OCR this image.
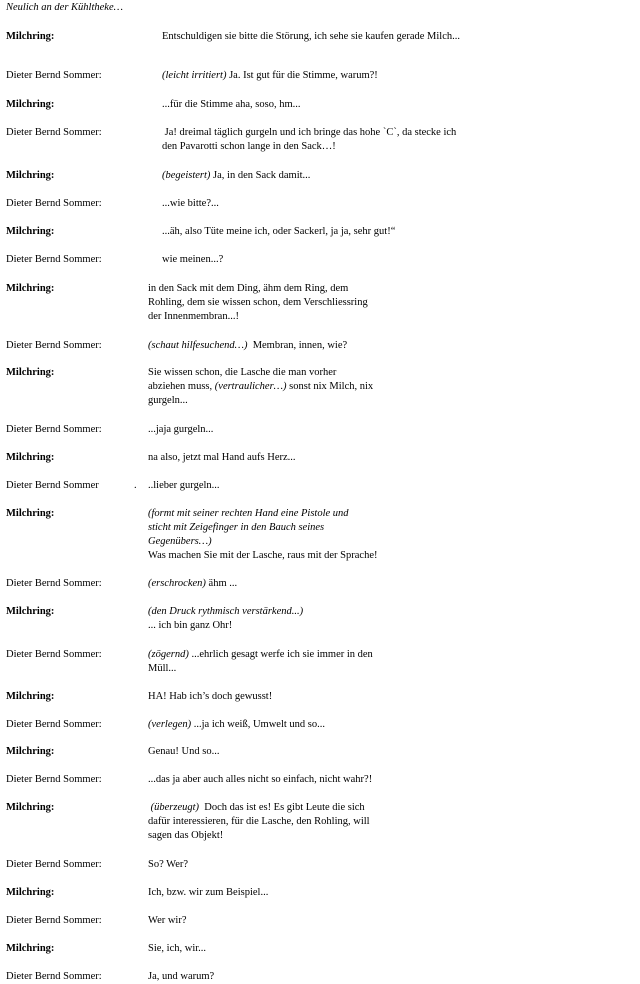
Neulich an der Kühltheke…
Milchring:	Entschuldigen sie bitte die Störung, ich sehe sie kaufen gerade Milch...
Dieter Bernd Sommer:	(leicht irritiert) Ja. Ist gut für die Stimme, warum?!
Milchring:	...für die Stimme aha, soso, hm...
Dieter Bernd Sommer:	Ja! dreimal täglich gurgeln und ich bringe das hohe `C`, da stecke ich
den Pavarotti schon lange in den Sack…!
Milchring:	(begeistert) Ja, in den Sack damit...
Dieter Bernd Sommer:	...wie bitte?...
Milchring:	...äh, also Tüte meine ich, oder Sackerl, ja ja, sehr gut!“
Dieter Bernd Sommer:	wie meinen...?
Milchring:	in den Sack mit dem Ding, ähm dem Ring, dem
Rohling, dem sie wissen schon, dem Verschliessring
der Innenmembran...!
Dieter Bernd Sommer:	(schaut hilfesuchend…)  Membran, innen, wie?
Milchring:	Sie wissen schon, die Lasche die man vorher
abziehen muss, (vertraulicher…) sonst nix Milch, nix
gurgeln...
Dieter Bernd Sommer:	...jaja gurgeln...
Milchring:	na also, jetzt mal Hand aufs Herz...
Dieter Bernd Sommer	. ..lieber gurgeln...
Milchring:	(formt mit seiner rechten Hand eine Pistole und
sticht mit Zeigefinger in den Bauch seines
Gegenübers…)
Was machen Sie mit der Lasche, raus mit der Sprache!
Dieter Bernd Sommer:	(erschrocken) ähm ...
Milchring:	(den Druck rythmisch verstärkend...)
... ich bin ganz Ohr!
Dieter Bernd Sommer:	(zögernd) ...ehrlich gesagt werfe ich sie immer in den
Müll...
Milchring:	HA! Hab ich’s doch gewusst!
Dieter Bernd Sommer:	(verlegen) ...ja ich weiß, Umwelt und so...
Milchring:	Genau! Und so...
Dieter Bernd Sommer:	...das ja aber auch alles nicht so einfach, nicht wahr?!
Milchring:	(überzeugt)  Doch das ist es! Es gibt Leute die sich
dafür interessieren, für die Lasche, den Rohling, will
sagen das Objekt!
Dieter Bernd Sommer:	So? Wer?
Milchring:	Ich, bzw. wir zum Beispiel...
Dieter Bernd Sommer:	Wer wir?
Milchring:	Sie, ich, wir...
Dieter Bernd Sommer:	Ja, und warum?
